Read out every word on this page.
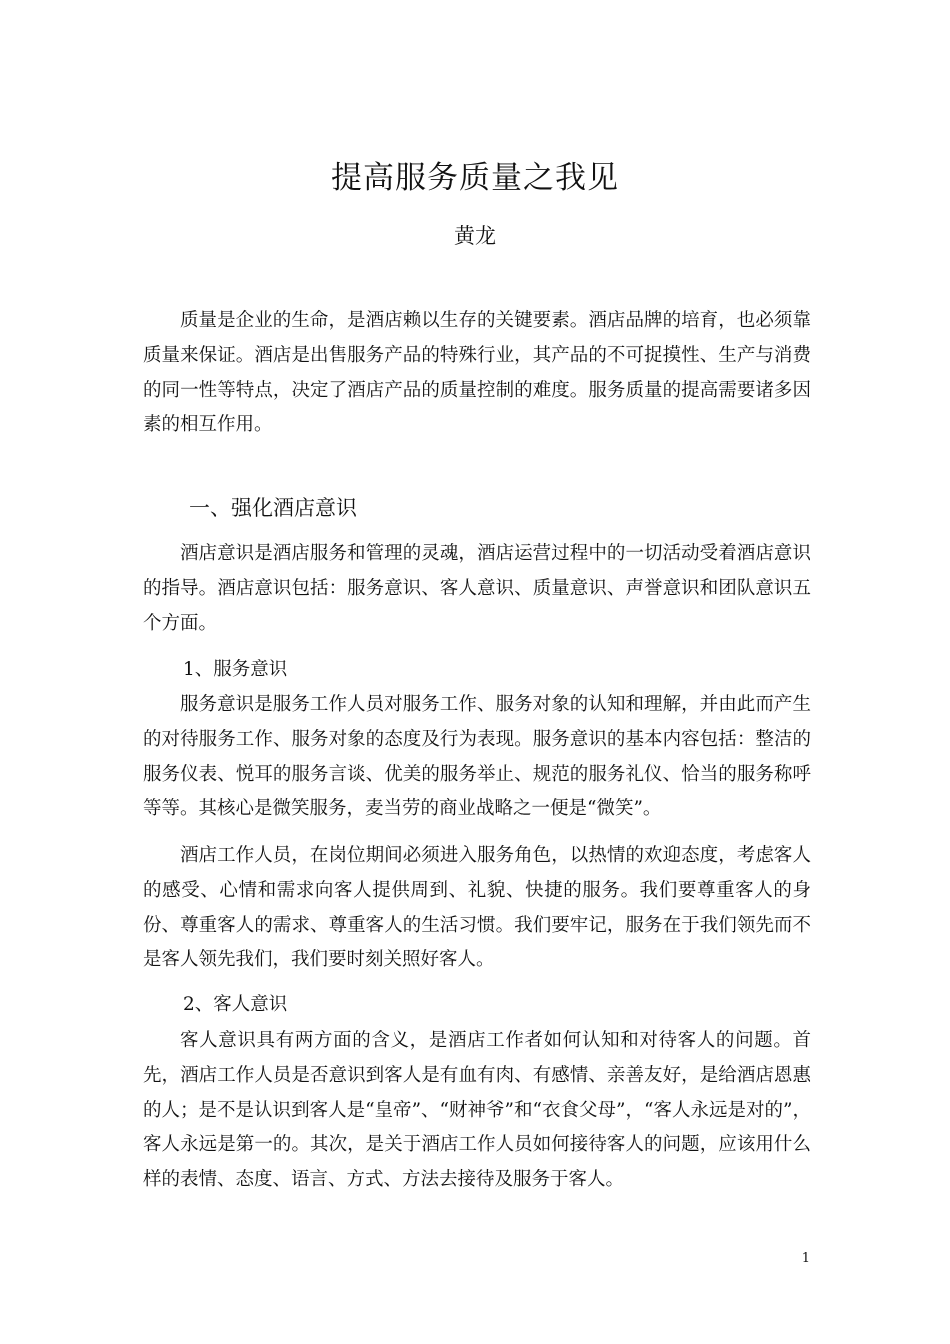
提高服务质量之我见
黄龙

质量是企业的生命，是酒店赖以生存的关键要素。酒店品牌的培育，也必须靠质量来保证。酒店是出售服务产品的特殊行业，其产品的不可捉摸性、生产与消费的同一性等特点，决定了酒店产品的质量控制的难度。服务质量的提高需要诸多因素的相互作用。

一、强化酒店意识

酒店意识是酒店服务和管理的灵魂，酒店运营过程中的一切活动受着酒店意识的指导。酒店意识包括：服务意识、客人意识、质量意识、声誉意识和团队意识五个方面。

1、服务意识

服务意识是服务工作人员对服务工作、服务对象的认知和理解，并由此而产生的对待服务工作、服务对象的态度及行为表现。服务意识的基本内容包括：整洁的服务仪表、悦耳的服务言谈、优美的服务举止、规范的服务礼仪、恰当的服务称呼等等。其核心是微笑服务，麦当劳的商业战略之一便是“微笑”。

酒店工作人员，在岗位期间必须进入服务角色，以热情的欢迎态度，考虑客人的感受、心情和需求向客人提供周到、礼貌、快捷的服务。我们要尊重客人的身份、尊重客人的需求、尊重客人的生活习惯。我们要牢记，服务在于我们领先而不是客人领先我们，我们要时刻关照好客人。

2、客人意识

客人意识具有两方面的含义，是酒店工作者如何认知和对待客人的问题。首先，酒店工作人员是否意识到客人是有血有肉、有感情、亲善友好，是给酒店恩惠的人；是不是认识到客人是“皇帝”、“财神爷”和“衣食父母”，“客人永远是对的”，客人永远是第一的。其次，是关于酒店工作人员如何接待客人的问题，应该用什么样的表情、态度、语言、方式、方法去接待及服务于客人。

1
